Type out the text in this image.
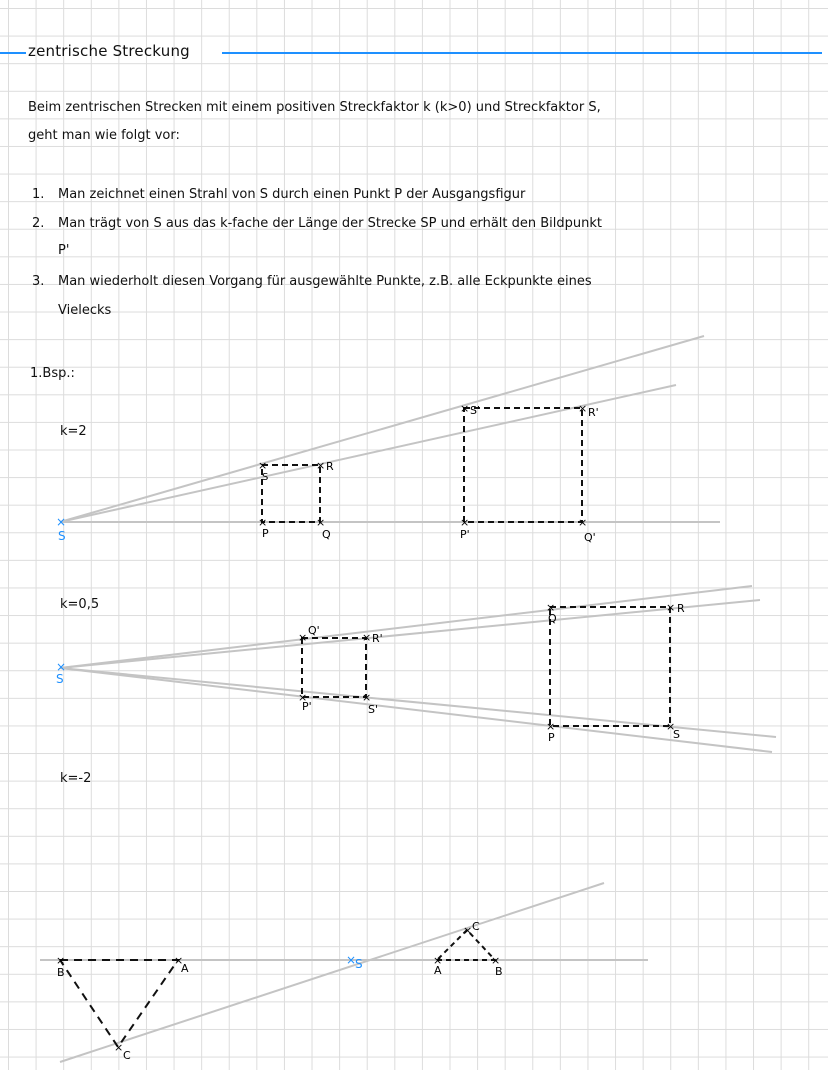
zentrische Streckung
Beim zentrischen Strecken mit einem positiven Streckfaktor k (k>0) und Streckfaktor S,
geht man wie folgt vor:
1. Man zeichnet einen Strahl von S durch einen Punkt P der Ausgangsfigur
2. Man trägt von S aus das k-fache der Länge der Strecke SP und erhält den Bildpunkt
P'
3. Man wiederholt diesen Vorgang für ausgewählte Punkte, z.B. alle Eckpunkte eines
Vielecks
1.Bsp.:
k=2
k=0,5
k=-2
×
×	×
×	×
×	×
×	×
S
S
R
P	Q
S'	R'
P'	Q'
×
×	×
×	×
×	×
×	×
S
Q'
R'
P'	S'
Q
R
P	S
×	×
×
×	×	×
×
B	A
C
S	A	B
C
